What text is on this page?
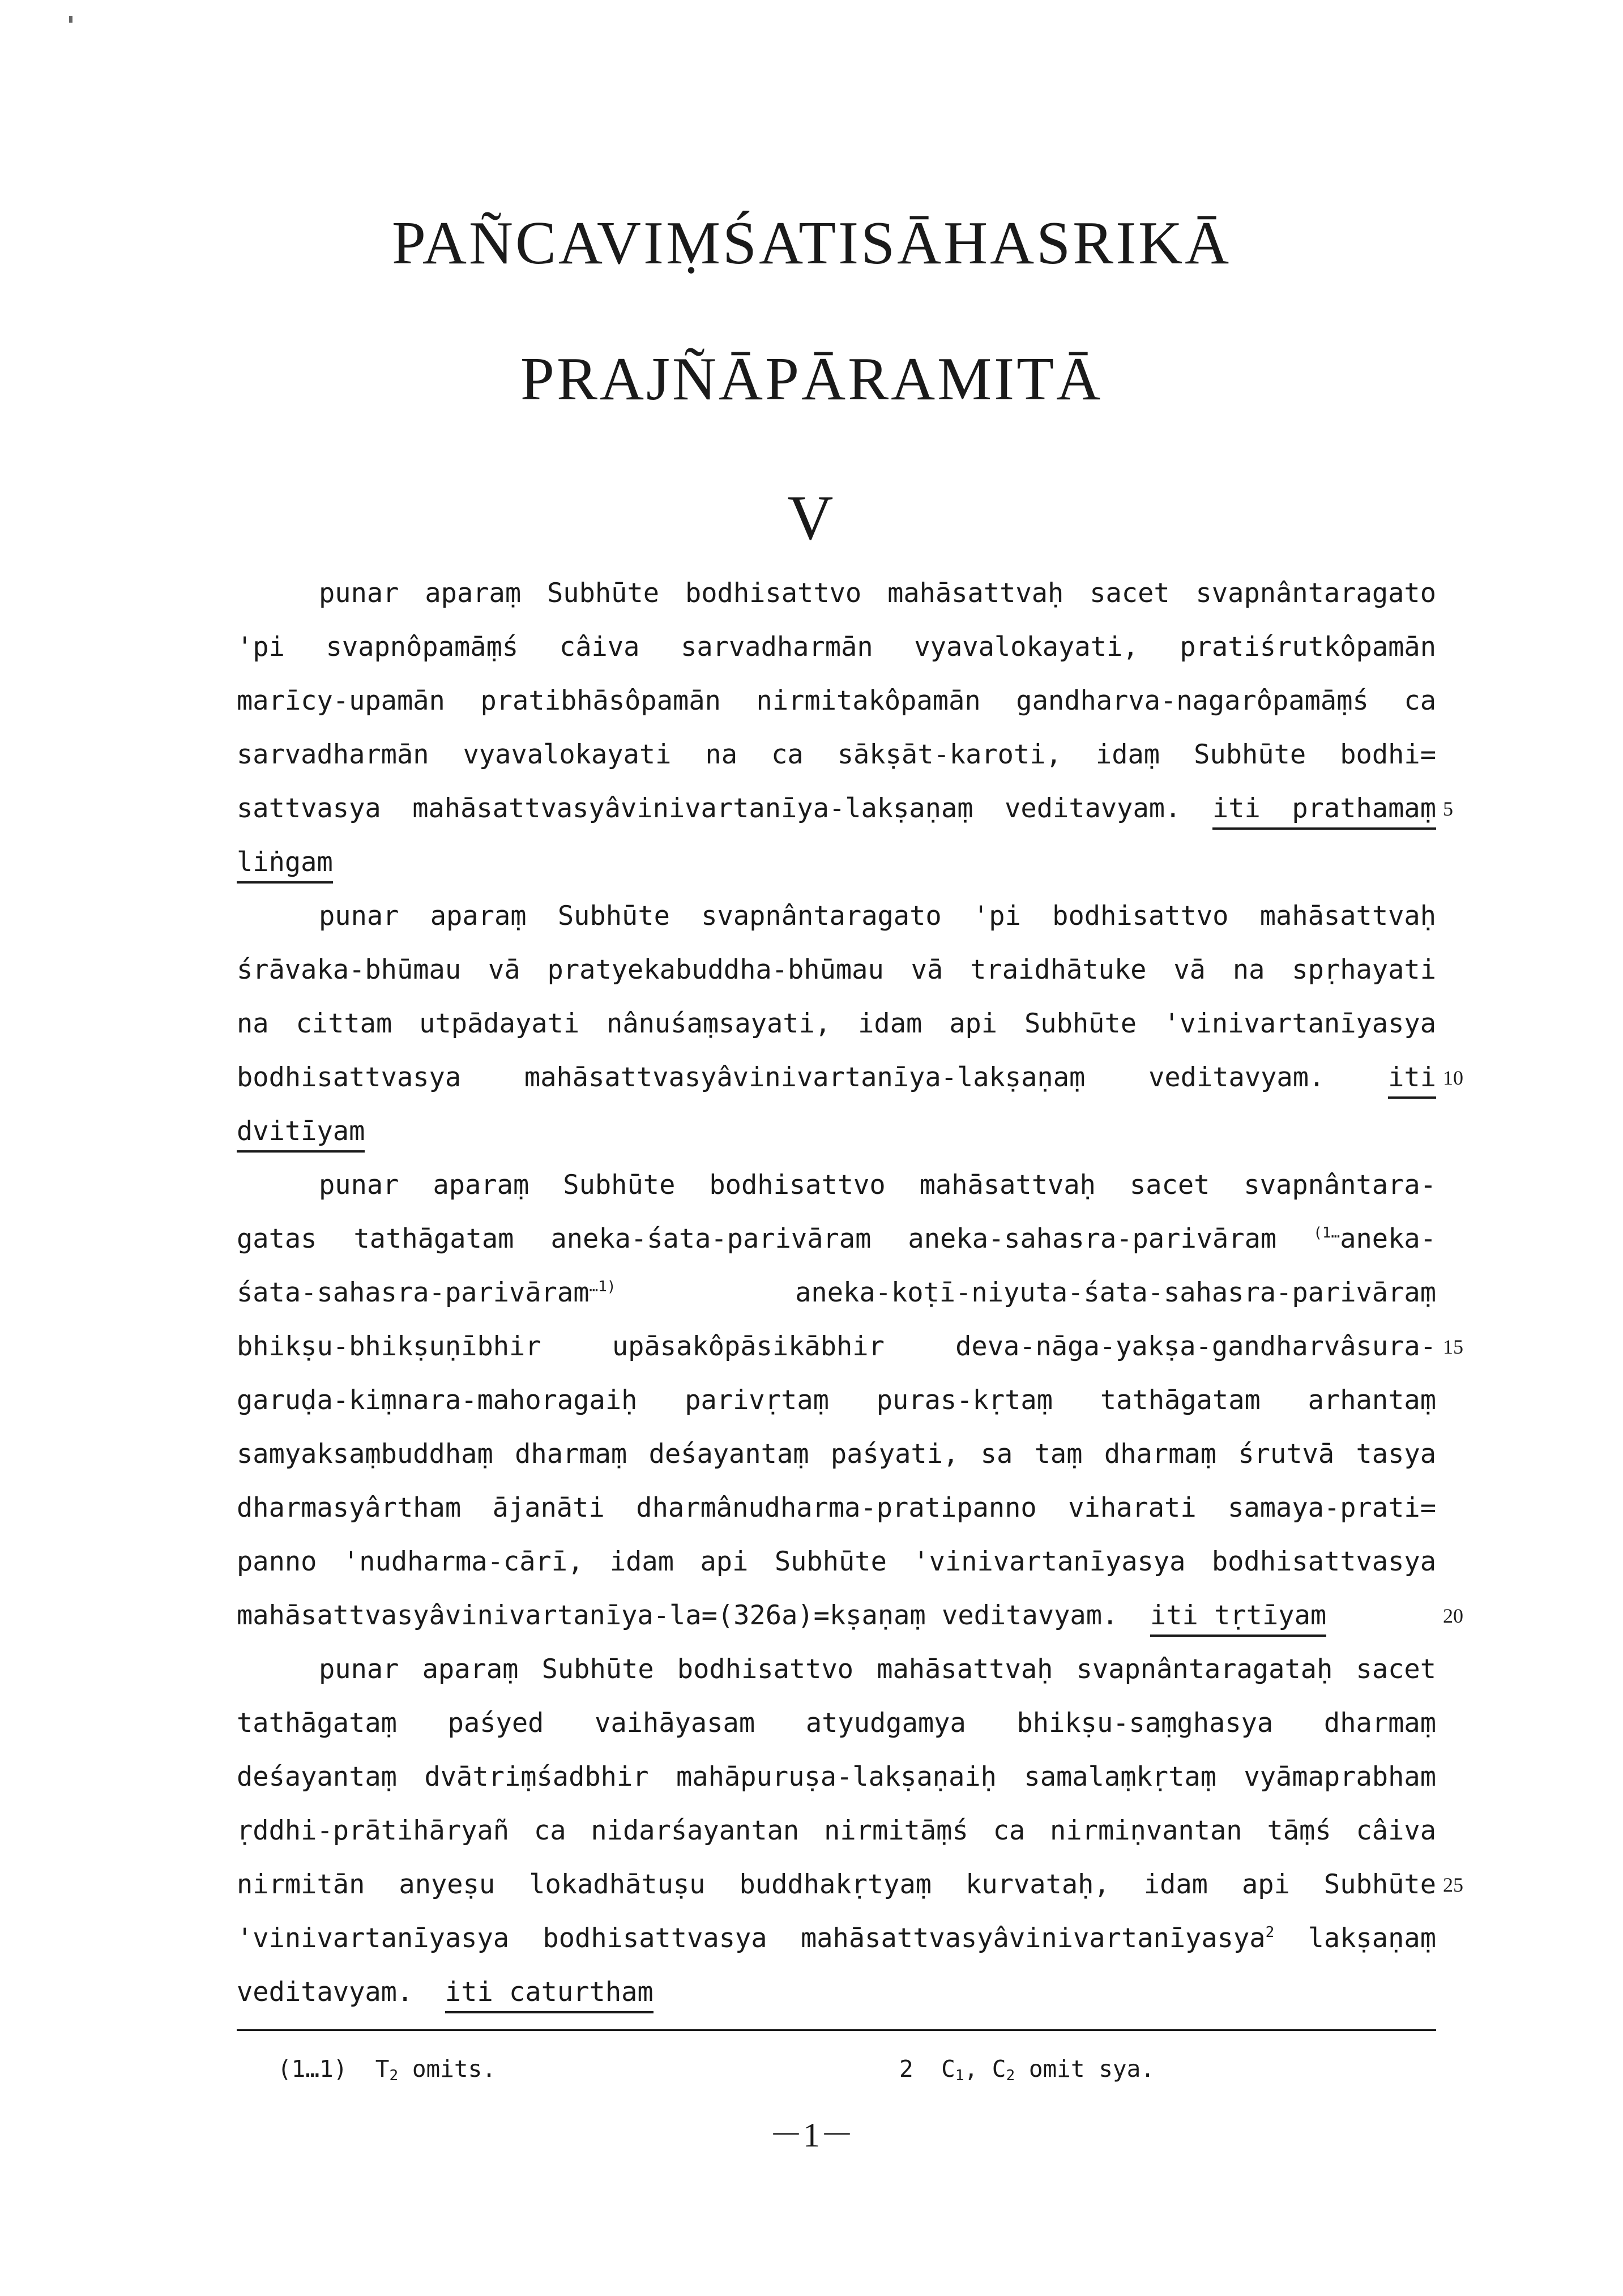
PAÑCAVIṂŚATISĀHASRIKĀ
PRAJÑĀPĀRAMITĀ
V
punar aparaṃ Subhūte bodhisattvo mahāsattvaḥ sacet svapnântaragato
'pi svapnôpamāṃś câiva sarvadharmān vyavalokayati, pratiśrutkôpamān
marīcy-upamān pratibhāsôpamān nirmitakôpamān gandharva-nagarôpamāṃś ca
sarvadharmān vyavalokayati na ca sākṣāt-karoti, idaṃ Subhūte bodhi=
sattvasya mahāsattvasyâvinivartanīya-lakṣaṇaṃ veditavyam. iti prathamaṃ 5
liṅgam
punar aparaṃ Subhūte svapnântaragato 'pi bodhisattvo mahāsattvaḥ
śrāvaka-bhūmau vā pratyekabuddha-bhūmau vā traidhātuke vā na spṛhayati
na cittam utpādayati nânuśaṃsayati, idam api Subhūte 'vinivartanīyasya
bodhisattvasya mahāsattvasyâvinivartanīya-lakṣaṇaṃ veditavyam. iti 10
dvitīyam
punar aparaṃ Subhūte bodhisattvo mahāsattvaḥ sacet svapnântara-
gatas tathāgatam aneka-śata-parivāram aneka-sahasra-parivāram	$^{(1\dots}$aneka-
śata-sahasra-parivāram$^{\dots 1)}$	aneka-koṭī-niyuta-śata-sahasra-parivāraṃ
bhikṣu-bhikṣuṇībhir upāsakôpāsikābhir deva-nāga-yakṣa-gandharvâsura- 15
garuḍa-kiṃnara-mahoragaiḥ parivṛtaṃ puras-kṛtaṃ tathāgatam arhantaṃ
samyaksaṃbuddhaṃ dharmaṃ deśayantaṃ paśyati, sa taṃ dharmaṃ śrutvā tasya
dharmasyârtham ājanāti dharmânudharma-pratipanno viharati samaya-prati=
panno 'nudharma-cārī, idam api Subhūte 'vinivartanīyasya bodhisattvasya
mahāsattvasyâvinivartanīya-la=(326a)=kṣaṇaṃ veditavyam. iti tṛtīyam	20
punar aparaṃ Subhūte bodhisattvo mahāsattvaḥ svapnântaragataḥ sacet
tathāgataṃ paśyed vaihāyasam atyudgamya bhikṣu-saṃghasya dharmaṃ
deśayantaṃ dvātriṃśadbhir mahāpuruṣa-lakṣaṇaiḥ samalaṃkṛtaṃ vyāmaprabham
ṛddhi-prātihāryañ ca nidarśayantan nirmitāṃś ca nirmiṇvantan tāṃś câiva
nirmitān anyeṣu lokadhātuṣu buddhakṛtyaṃ kurvataḥ, idam api Subhūte 25
'vinivartanīyasya bodhisattvasya mahāsattvasyâvinivartanīyasya$^2$ lakṣaṇaṃ
veditavyam. iti caturtham
(1…1) $T_2$ omits.	2 $C_1$, $C_2$ omit sya.
－1－
